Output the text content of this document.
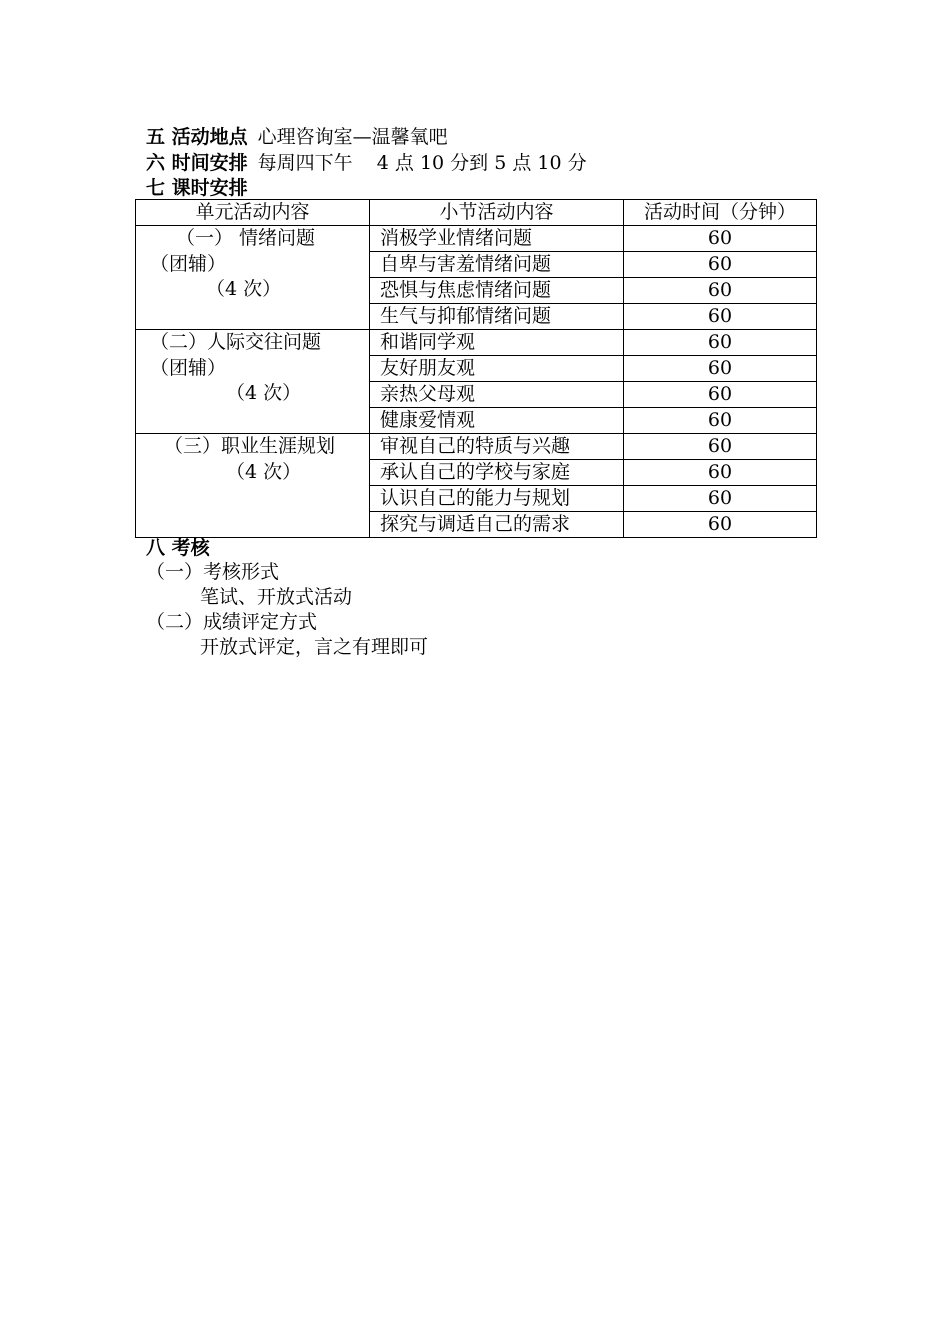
五 活动地点 心理咨询室—温馨氧吧
六 时间安排 每周四下午    4 点 10 分到 5 点 10 分
七 课时安排
单元活动内容	小节活动内容	活动时间（分钟）

（一） 情绪问题
（团辅）
（4 次）	消极学业情绪问题	60
	自卑与害羞情绪问题	60
	恐惧与焦虑情绪问题	60
	生气与抑郁情绪问题	60

（二）人际交往问题
（团辅）
（4 次）	和谐同学观	60
	友好朋友观	60
	亲热父母观	60
	健康爱情观	60

（三）职业生涯规划
（4 次）	审视自己的特质与兴趣	60
	承认自己的学校与家庭	60
	认识自己的能力与规划	60
	探究与调适自己的需求	60
八 考核
（一）考核形式
笔试、开放式活动
（二）成绩评定方式
开放式评定，言之有理即可
